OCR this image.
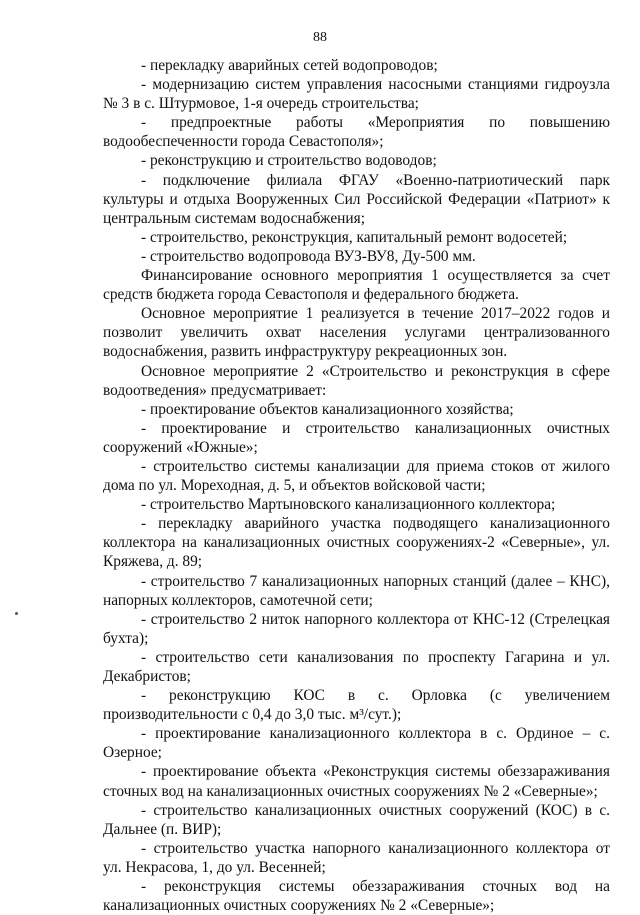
88

- перекладку аварийных сетей водопроводов;

- модернизацию систем управления насосными станциями гидроузла № 3 в с. Штурмовое, 1-я очередь строительства;

- предпроектные работы «Мероприятия по повышению водообеспеченности города Севастополя»;

- реконструкцию и строительство водоводов;

- подключение филиала ФГАУ «Военно-патриотический парк культуры и отдыха Вооруженных Сил Российской Федерации «Патриот» к центральным системам водоснабжения;

- строительство, реконструкция, капитальный ремонт водосетей;

- строительство водопровода ВУЗ-ВУ8, Ду-500 мм.

Финансирование основного мероприятия 1 осуществляется за счет средств бюджета города Севастополя и федерального бюджета.

Основное мероприятие 1 реализуется в течение 2017–2022 годов и позволит увеличить охват населения услугами централизованного водоснабжения, развить инфраструктуру рекреационных зон.

Основное мероприятие 2 «Строительство и реконструкция в сфере водоотведения» предусматривает:

- проектирование объектов канализационного хозяйства;

- проектирование и строительство канализационных очистных сооружений «Южные»;

- строительство системы канализации для приема стоков от жилого дома по ул. Мореходная, д. 5, и объектов войсковой части;

- строительство Мартыновского канализационного коллектора;

- перекладку аварийного участка подводящего канализационного коллектора на канализационных очистных сооружениях-2 «Северные», ул. Кряжева, д. 89;

- строительство 7 канализационных напорных станций (далее – КНС), напорных коллекторов, самотечной сети;

- строительство 2 ниток напорного коллектора от КНС-12 (Стрелецкая бухта);

- строительство сети канализования по проспекту Гагарина и ул. Декабристов;

- реконструкцию КОС в с. Орловка (с увеличением производительности с 0,4 до 3,0 тыс. м³/сут.);

- проектирование канализационного коллектора в с. Ординое – с. Озерное;

- проектирование объекта «Реконструкция системы обеззараживания сточных вод на канализационных очистных сооружениях № 2 «Северные»;

- строительство канализационных очистных сооружений (КОС) в с. Дальнее (п. ВИР);

- строительство участка напорного канализационного коллектора от ул. Некрасова, 1, до ул. Весенней;

- реконструкция системы обеззараживания сточных вод на канализационных очистных сооружениях № 2 «Северные»;
